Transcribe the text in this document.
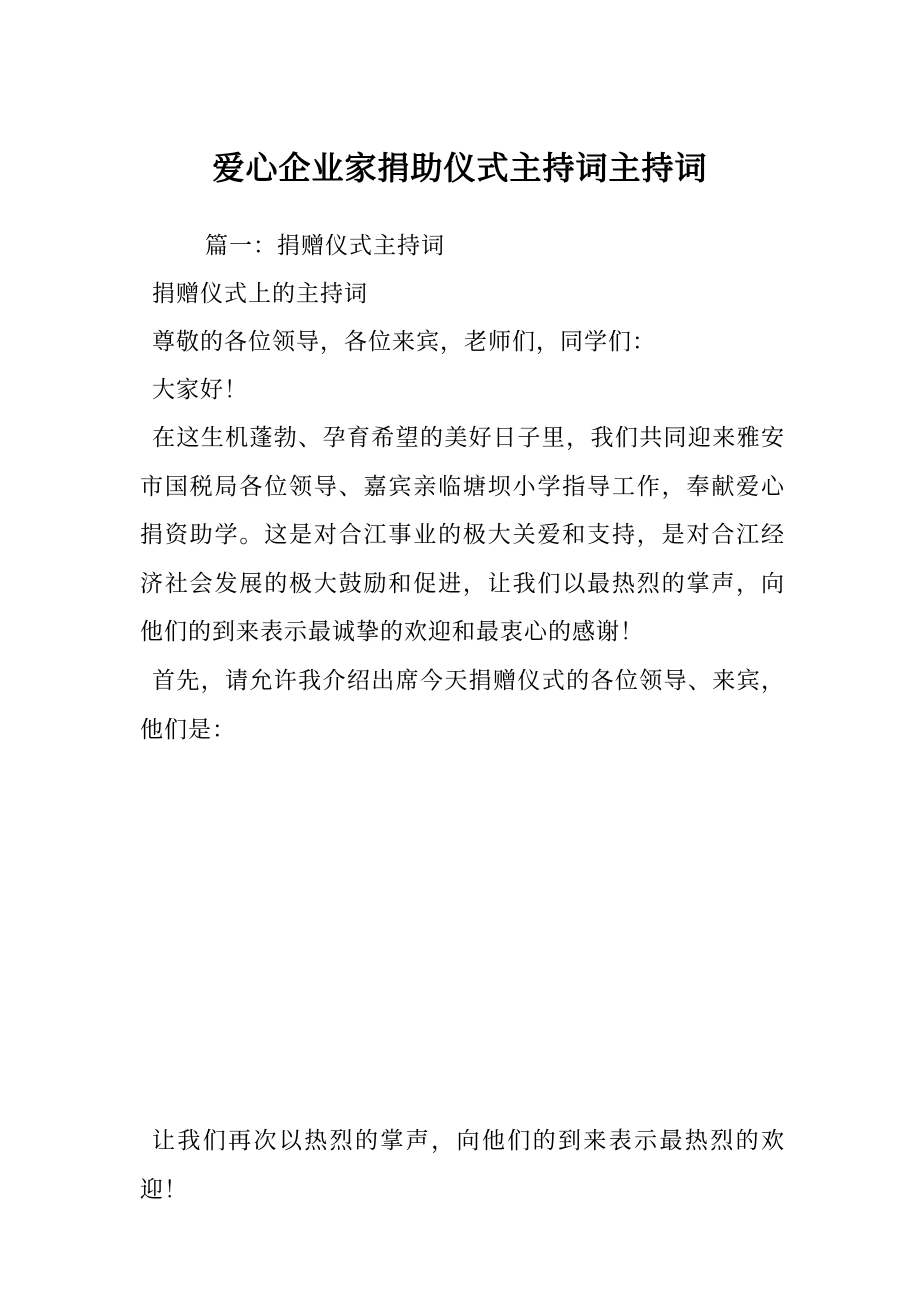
爱心企业家捐助仪式主持词主持词

篇一：捐赠仪式主持词

捐赠仪式上的主持词

尊敬的各位领导，各位来宾，老师们，同学们：

大家好！

在这生机蓬勃、孕育希望的美好日子里，我们共同迎来雅安市国税局各位领导、嘉宾亲临塘坝小学指导工作，奉献爱心捐资助学。这是对合江事业的极大关爱和支持，是对合江经济社会发展的极大鼓励和促进，让我们以最热烈的掌声，向他们的到来表示最诚挚的欢迎和最衷心的感谢！

首先，请允许我介绍出席今天捐赠仪式的各位领导、来宾，他们是：

让我们再次以热烈的掌声，向他们的到来表示最热烈的欢迎！
